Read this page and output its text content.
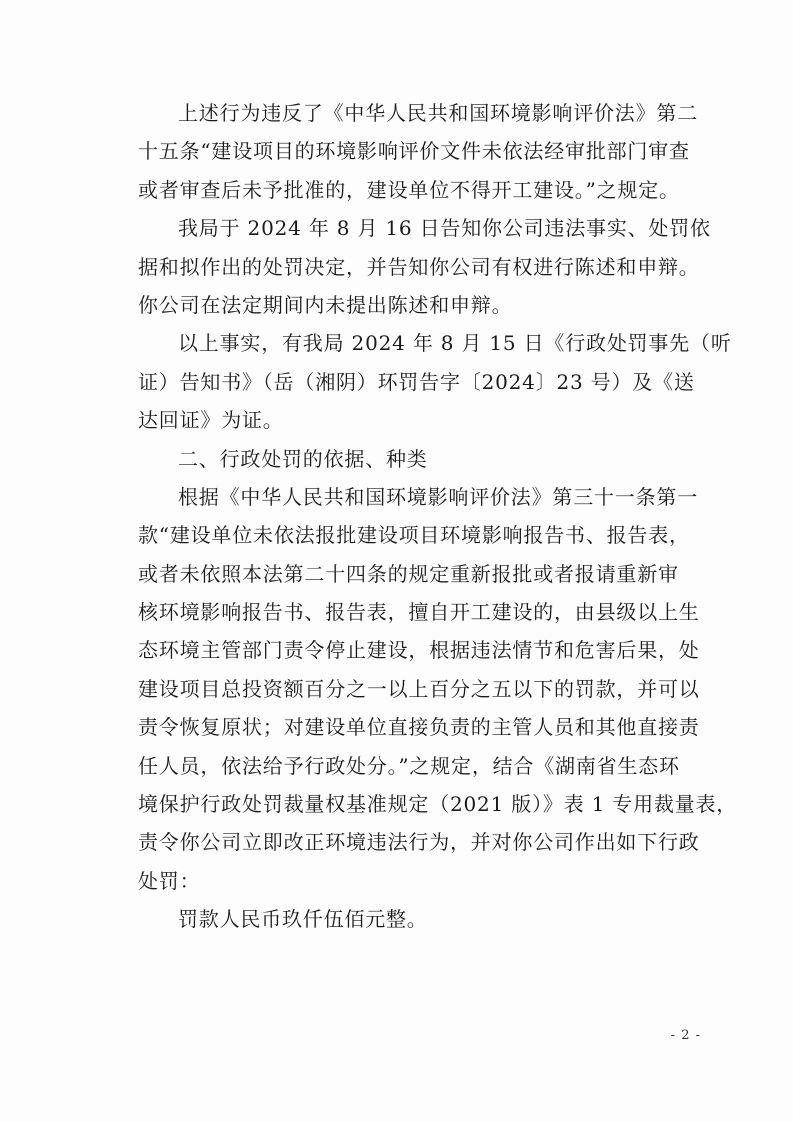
上述行为违反了《中华人民共和国环境影响评价法》第二
十五条“建设项目的环境影响评价文件未依法经审批部门审查
或者审查后未予批准的，建设单位不得开工建设。”之规定。
我局于 2024 年 8 月 16 日告知你公司违法事实、处罚依
据和拟作出的处罚决定，并告知你公司有权进行陈述和申辩。
你公司在法定期间内未提出陈述和申辩。
以上事实，有我局 2024 年 8 月 15 日《行政处罚事先（听
证）告知书》（岳（湘阴）环罚告字〔2024〕23 号）及《送
达回证》为证。
二、行政处罚的依据、种类
根据《中华人民共和国环境影响评价法》第三十一条第一
款“建设单位未依法报批建设项目环境影响报告书、报告表，
或者未依照本法第二十四条的规定重新报批或者报请重新审
核环境影响报告书、报告表，擅自开工建设的，由县级以上生
态环境主管部门责令停止建设，根据违法情节和危害后果，处
建设项目总投资额百分之一以上百分之五以下的罚款，并可以
责令恢复原状；对建设单位直接负责的主管人员和其他直接责
任人员，依法给予行政处分。”之规定，结合《湖南省生态环
境保护行政处罚裁量权基准规定（2021 版）》表 1 专用裁量表，
责令你公司立即改正环境违法行为，并对你公司作出如下行政
处罚：
罚款人民币玖仟伍佰元整。
- 2 -
